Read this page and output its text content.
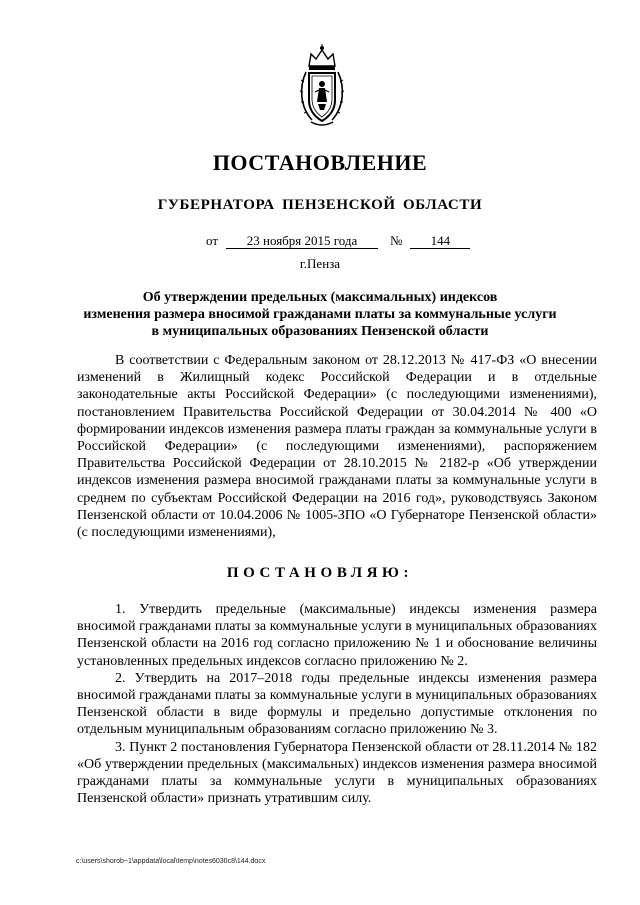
ПОСТАНОВЛЕНИЕ
ГУБЕРНАТОРА ПЕНЗЕНСКОЙ ОБЛАСТИ
от	23 ноября 2015 года	№	144
г.Пенза
Об утверждении предельных (максимальных) индексов
изменения размера вносимой гражданами платы за коммунальные услуги
в муниципальных образованиях Пензенской области
В соответствии с Федеральным законом от 28.12.2013 № 417-ФЗ «О внесении изменений в Жилищный кодекс Российской Федерации и в отдельные законодательные акты Российской Федерации» (с последующими изменениями), постановлением Правительства Российской Федерации от 30.04.2014 № 400 «О формировании индексов изменения размера платы граждан за коммунальные услуги в Российской Федерации» (с последующими изменениями), распоряжением Правительства Российской Федерации от 28.10.2015 № 2182-р «Об утверждении индексов изменения размера вносимой гражданами платы за коммунальные услуги в среднем по субъектам Российской Федерации на 2016 год», руководствуясь Законом Пензенской области от 10.04.2006 № 1005-ЗПО «О Губернаторе Пензенской области» (с последующими изменениями),
ПОСТАНОВЛЯЮ:

1. Утвердить предельные (максимальные) индексы изменения размера вносимой гражданами платы за коммунальные услуги в муниципальных образованиях Пензенской области на 2016 год согласно приложению № 1 и обоснование величины установленных предельных индексов согласно приложению № 2.

2. Утвердить на 2017–2018 годы предельные индексы изменения размера вносимой гражданами платы за коммунальные услуги в муниципальных образованиях Пензенской области в виде формулы и предельно допустимые отклонения по отдельным муниципальным образованиям согласно приложению № 3.

3. Пункт 2 постановления Губернатора Пензенской области от 28.11.2014 № 182 «Об утверждении предельных (максимальных) индексов изменения размера вносимой гражданами платы за коммунальные услуги в муниципальных образованиях Пензенской области» признать утратившим силу.

c:\users\shorob~1\appdata\local\temp\notes6030c8\144.docx
